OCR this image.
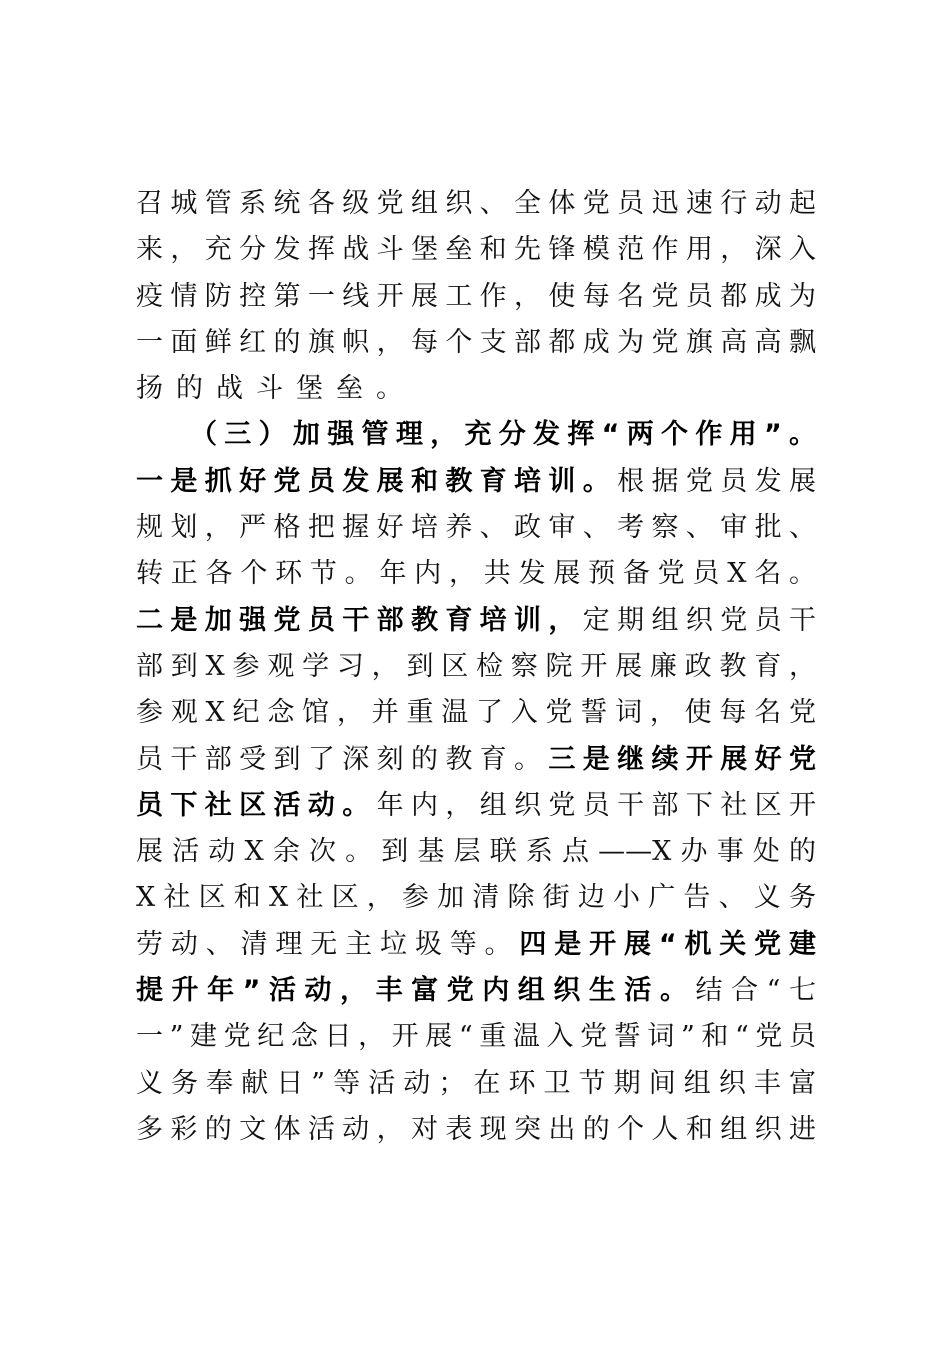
召城管系统各级党组织、全体党员迅速行动起
来，充分发挥战斗堡垒和先锋模范作用，深入
疫情防控第一线开展工作，使每名党员都成为
一面鲜红的旗帜，每个支部都成为党旗高高飘
扬的战斗堡垒。
（三）加强管理，充分发挥“两个作用”。
一是抓好党员发展和教育培训。根据党员发展
规划，严格把握好培养、政审、考察、审批、
转正各个环节。年内，共发展预备党员X名。
二是加强党员干部教育培训，定期组织党员干
部到X参观学习，到区检察院开展廉政教育，
参观X纪念馆，并重温了入党誓词，使每名党
员干部受到了深刻的教育。三是继续开展好党
员下社区活动。年内，组织党员干部下社区开
展活动X余次。到基层联系点——X办事处的
X社区和X社区，参加清除街边小广告、义务
劳动、清理无主垃圾等。四是开展“机关党建
提升年”活动，丰富党内组织生活。结合“七
一”建党纪念日，开展“重温入党誓词”和“党员
义务奉献日”等活动；在环卫节期间组织丰富
多彩的文体活动，对表现突出的个人和组织进
